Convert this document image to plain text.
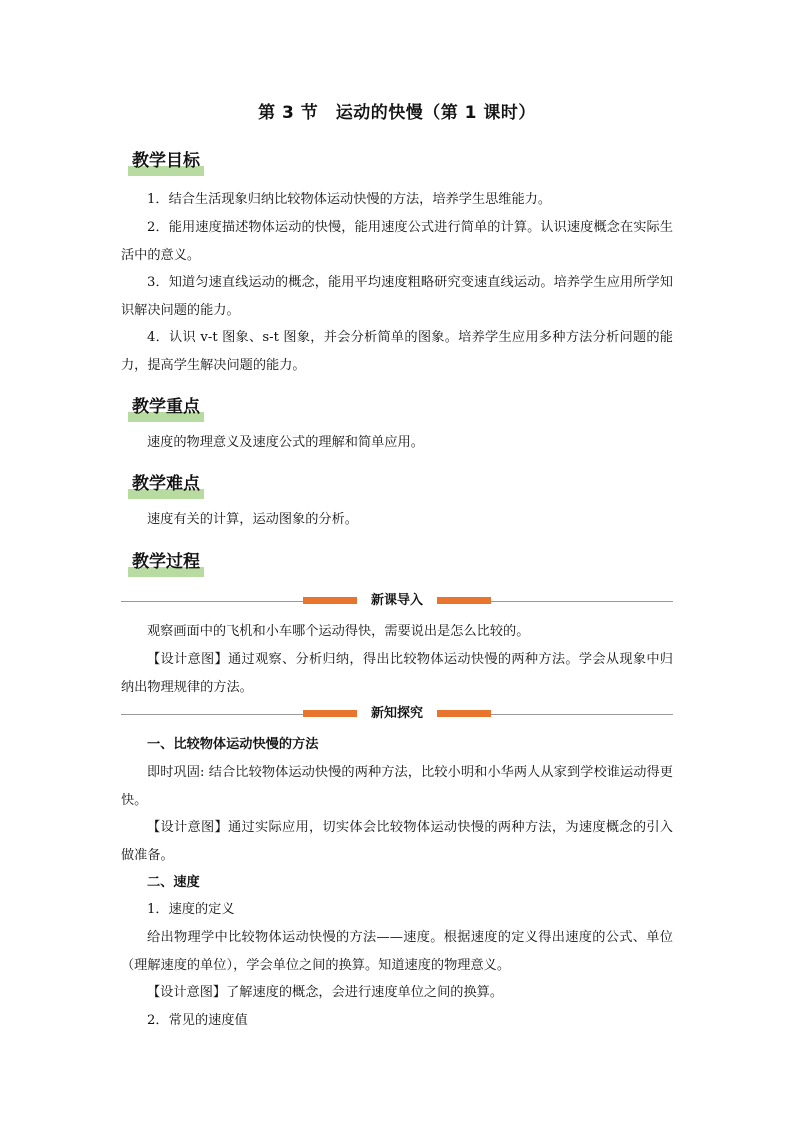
第 3 节　运动的快慢（第 1 课时）
教学目标
1．结合生活现象归纳比较物体运动快慢的方法，培养学生思维能力。
2．能用速度描述物体运动的快慢，能用速度公式进行简单的计算。认识速度概念在实际生活中的意义。
3．知道匀速直线运动的概念，能用平均速度粗略研究变速直线运动。培养学生应用所学知识解决问题的能力。
4．认识 v-t 图象、s-t 图象，并会分析简单的图象。培养学生应用多种方法分析问题的能力，提高学生解决问题的能力。
教学重点
速度的物理意义及速度公式的理解和简单应用。
教学难点
速度有关的计算，运动图象的分析。
教学过程
新课导入
观察画面中的飞机和小车哪个运动得快，需要说出是怎么比较的。
【设计意图】通过观察、分析归纳，得出比较物体运动快慢的两种方法。学会从现象中归纳出物理规律的方法。
新知探究
一、比较物体运动快慢的方法
即时巩固: 结合比较物体运动快慢的两种方法，比较小明和小华两人从家到学校谁运动得更快。
【设计意图】通过实际应用，切实体会比较物体运动快慢的两种方法，为速度概念的引入做准备。
二、速度
1．速度的定义
给出物理学中比较物体运动快慢的方法——速度。根据速度的定义得出速度的公式、单位（理解速度的单位），学会单位之间的换算。知道速度的物理意义。
【设计意图】了解速度的概念，会进行速度单位之间的换算。
2．常见的速度值
